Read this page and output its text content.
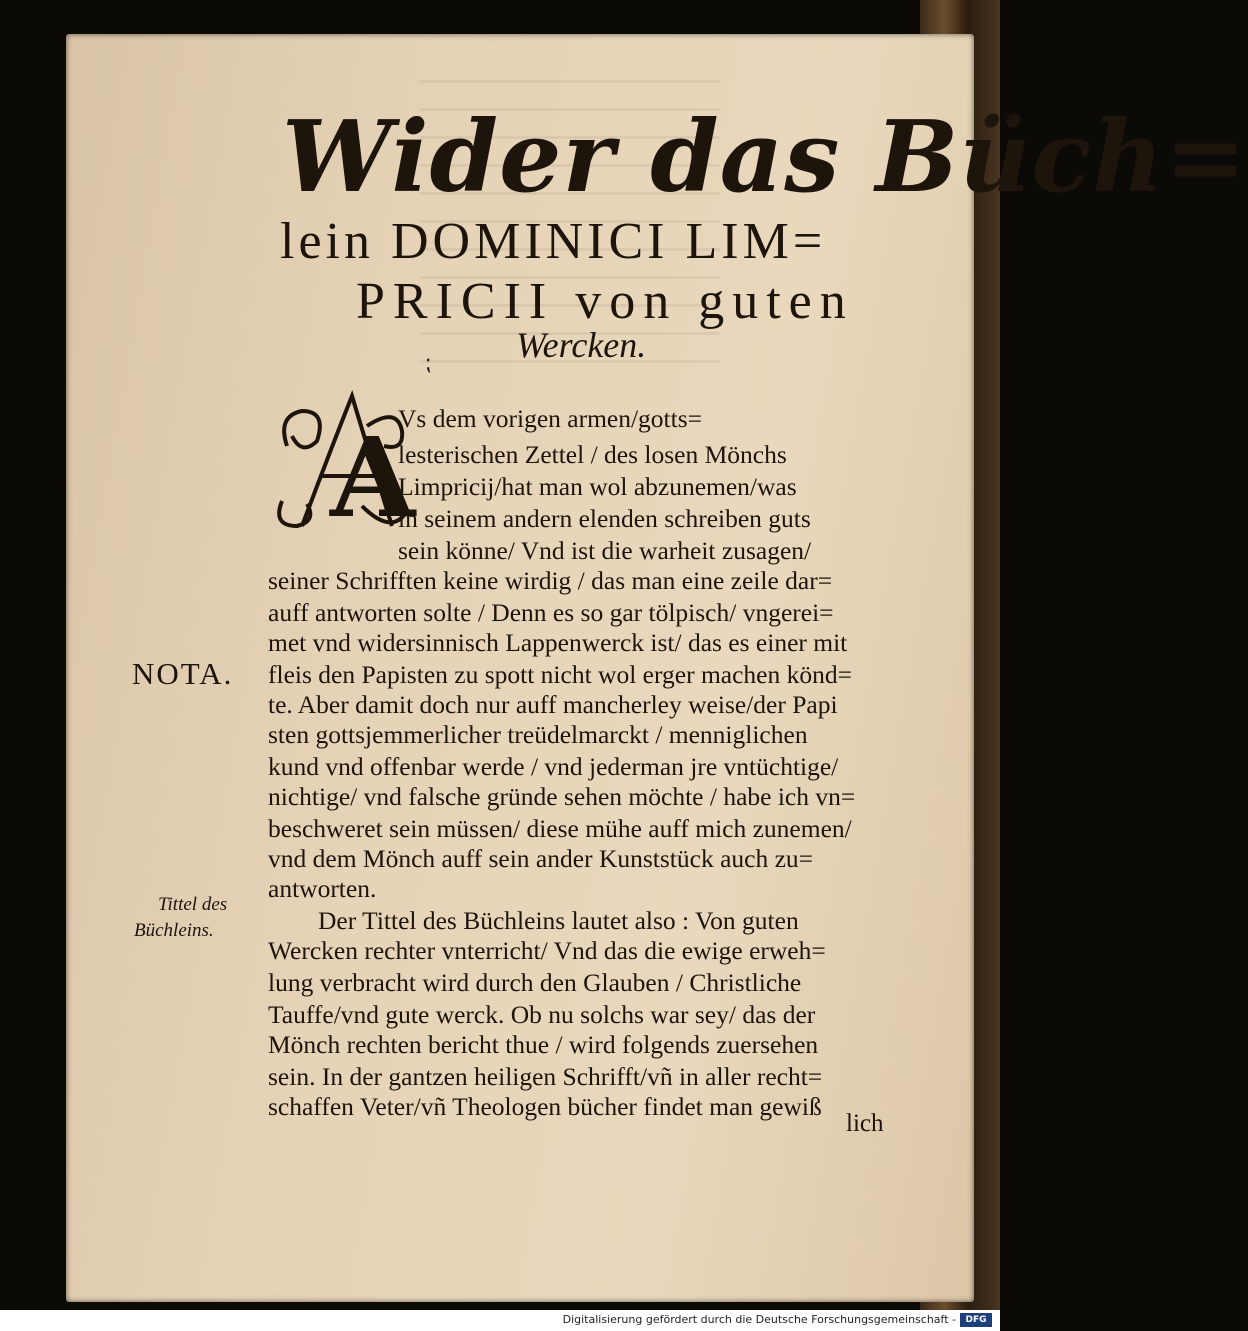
Wider das Büch=
lein DOMINICI LIM=
PRICII von guten
Wercken.
⁏
A
Vs dem vorigen armen/gotts=
lesterischen Zettel / des losen Mönchs
Limpricij/hat man wol abzunemen/was
in seinem andern elenden schreiben guts
sein könne/ Vnd ist die warheit zusagen/
seiner Schrifften keine wirdig / das man eine zeile dar=
auff antworten solte / Denn es so gar tölpisch/ vngerei=
met vnd widersinnisch Lappenwerck ist/ das es einer mit
fleis den Papisten zu spott nicht wol erger machen könd=
te. Aber damit doch nur auff mancherley weise/der Papi
sten gottsjemmerlicher treüdelmarckt / menniglichen
kund vnd offenbar werde / vnd jederman jre vntüchtige/
nichtige/ vnd falsche gründe sehen möchte / habe ich vn=
beschweret sein müssen/ diese mühe auff mich zunemen/
vnd dem Mönch auff sein ander Kunststück auch zu=
antworten.
Der Tittel des Büchleins lautet also : Von guten
Wercken rechter vnterricht/ Vnd das die ewige erweh=
lung verbracht wird durch den Glauben / Christliche
Tauffe/vnd gute werck. Ob nu solchs war sey/ das der
Mönch rechten bericht thue / wird folgends zuersehen
sein. In der gantzen heiligen Schrifft/vñ in aller recht=
schaffen Veter/vñ Theologen bücher findet man gewiß
lich
NOTA.
Tittel des
Büchleins.
Digitalisierung gefördert durch die Deutsche Forschungsgemeinschaft -	DFG
